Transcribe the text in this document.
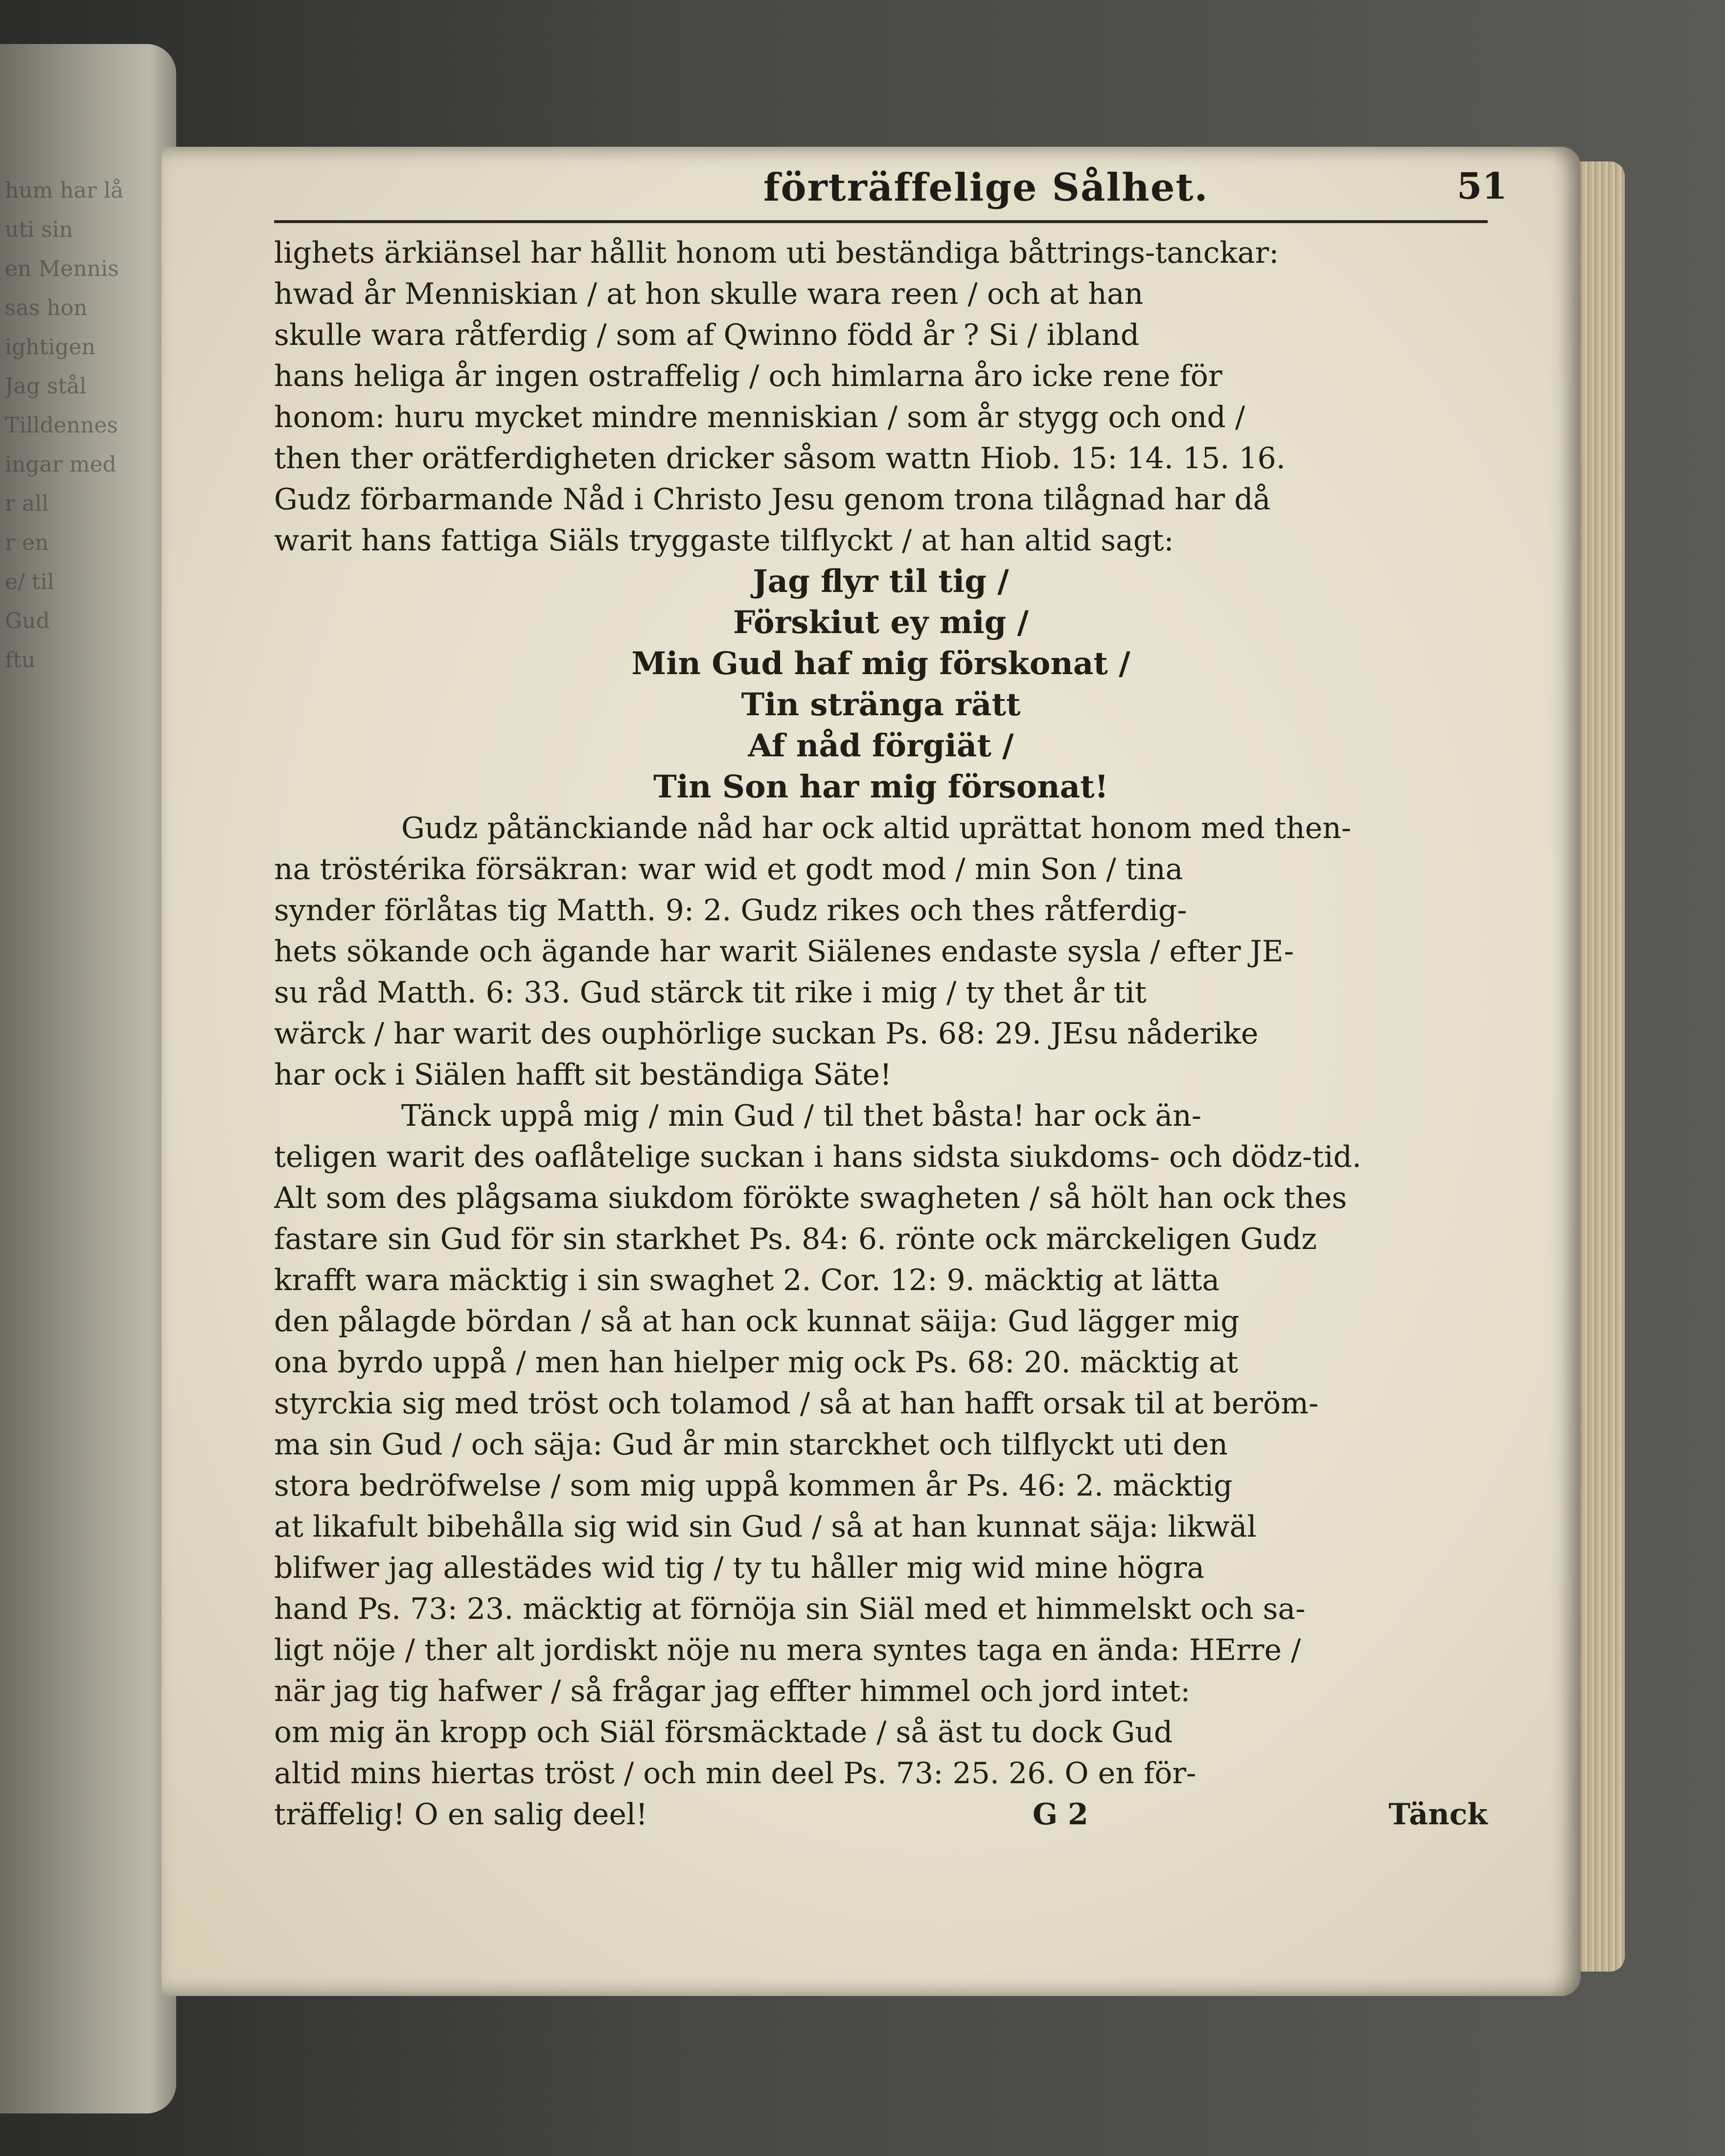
hum har lå
uti sin
en Mennis
sas hon
ightigen
Jag stål
Tilldennes
ingar med
r all
r en
e/ til
Gud
ftu
förträffelige Sålhet.	51
lighets ärkiänsel har hållit honom uti beständiga båttrings-tanckar:
hwad år Menniskian / at hon skulle wara reen / och at han
skulle wara råtferdig / som af Qwinno född år ? Si / ibland
hans heliga år ingen ostraffelig / och himlarna åro icke rene för
honom: huru mycket mindre menniskian / som år stygg och ond /
then ther orätferdigheten dricker såsom wattn Hiob. 15: 14. 15. 16.
Gudz förbarmande Nåd i Christo Jesu genom trona tilågnad har då
warit hans fattiga Siäls tryggaste tilflyckt / at han altid sagt:
Jag flyr til tig /
Förskiut ey mig /
Min Gud haf mig förskonat /
Tin stränga rätt
Af nåd förgiät /
Tin Son har mig försonat!
Gudz påtänckiande nåd har ock altid uprättat honom med then-
na tröstérika försäkran: war wid et godt mod / min Son / tina
synder förlåtas tig Matth. 9: 2. Gudz rikes och thes råtferdig-
hets sökande och ägande har warit Siälenes endaste sysla / efter JE-
su råd Matth. 6: 33. Gud stärck tit rike i mig / ty thet år tit
wärck / har warit des ouphörlige suckan Ps. 68: 29. JEsu nåderike
har ock i Siälen hafft sit beständiga Säte!
Tänck uppå mig / min Gud / til thet båsta! har ock än-
teligen warit des oaflåtelige suckan i hans sidsta siukdoms- och dödz-tid.
Alt som des plågsama siukdom förökte swagheten / så hölt han ock thes
fastare sin Gud för sin starkhet Ps. 84: 6. rönte ock märckeligen Gudz
krafft wara mäcktig i sin swaghet 2. Cor. 12: 9. mäcktig at lätta
den pålagde bördan / så at han ock kunnat säija: Gud lägger mig
ona byrdo uppå / men han hielper mig ock Ps. 68: 20. mäcktig at
styrckia sig med tröst och tolamod / så at han hafft orsak til at beröm-
ma sin Gud / och säja: Gud år min starckhet och tilflyckt uti den
stora bedröfwelse / som mig uppå kommen år Ps. 46: 2. mäcktig
at likafult bibehålla sig wid sin Gud / så at han kunnat säja: likwäl
blifwer jag allestädes wid tig / ty tu håller mig wid mine högra
hand Ps. 73: 23. mäcktig at förnöja sin Siäl med et himmelskt och sa-
ligt nöje / ther alt jordiskt nöje nu mera syntes taga en ända: HErre /
när jag tig hafwer / så frågar jag effter himmel och jord intet:
om mig än kropp och Siäl försmäcktade / så äst tu dock Gud
altid mins hiertas tröst / och min deel Ps. 73: 25. 26. O en för-
träffelig! O en salig deel!	G 2	Tänck
